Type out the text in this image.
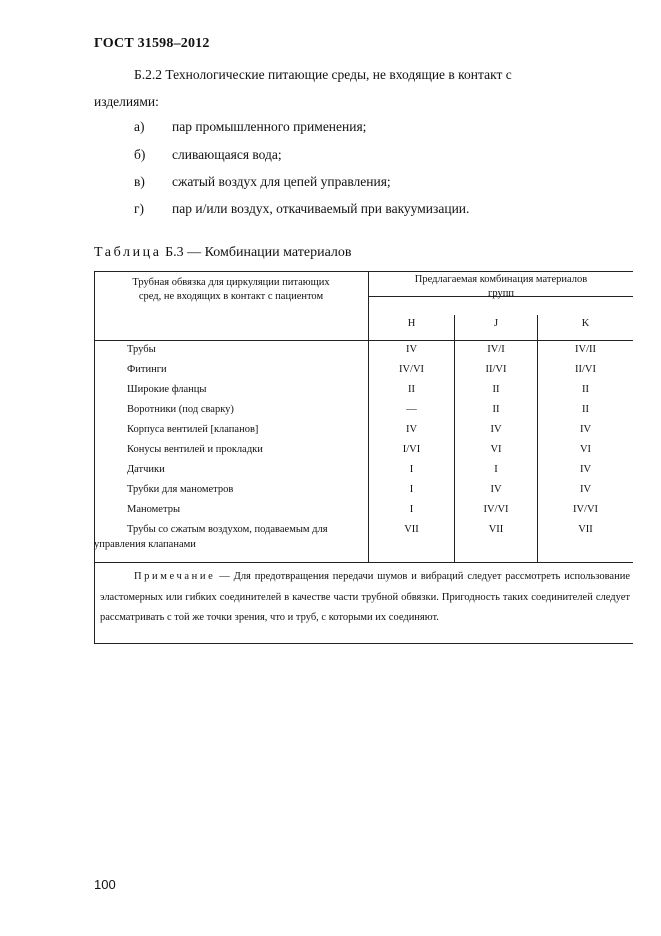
ГОСТ 31598–2012
Б.2.2 Технологические питающие среды, не входящие в контакт с
изделиями:
а) пар промышленного применения;
б) сливающаяся вода;
в) сжатый воздух для цепей управления;
г) пар и/или воздух, откачиваемый при вакуумизации.
Таблица Б.3 — Комбинации материалов
Трубная обвязка для циркуляции питающих
сред, не входящих в контакт с пациентом
Предлагаемая комбинация материалов
групп
H	J	K
Трубы	IV	IV/I	IV/II
Фитинги	IV/VI	II/VI	II/VI
Широкие фланцы	II	II	II
Воротники (под сварку)	—	II	II
Корпуса вентилей [клапанов]	IV	IV	IV
Конусы вентилей и прокладки	I/VI	VI	VI
Датчики	I	I	IV
Трубки для манометров	I	IV	IV
Манометры	I	IV/VI	IV/VI
Трубы со сжатым воздухом, подаваемым для
управления клапанами
VII	VII	VII
Примечание — Для предотвращения передачи шумов и вибраций следует рассмотреть использование эластомерных или гибких соединителей в качестве части трубной обвязки. Пригодность таких соединителей следует рассматривать с той же точки зрения, что и труб, с которыми их соединяют.
100
